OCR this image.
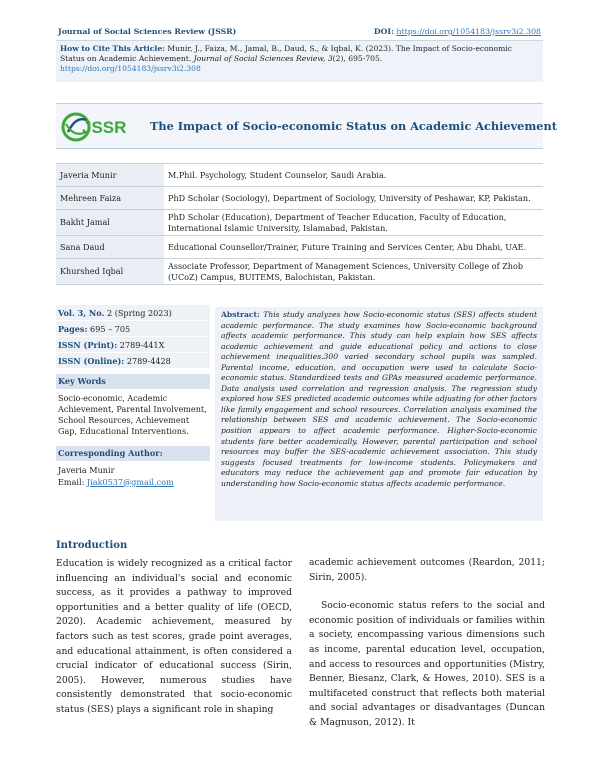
Journal of Social Sciences Review (JSSR)	DOI: https://doi.org/1054183/jssrv3i2.308
How to Cite This Article: Munir, J., Faiza, M., Jamal, B., Daud, S., & Iqbal, K. (2023). The Impact of Socio-economic Status on Academic Achievement. Journal of Social Sciences Review, 3(2), 695-705.
https://doi.org/1054183/jssrv3i2.308
JSSR The Impact of Socio-economic Status on Academic Achievement
Javeria Munir	M.Phil. Psychology, Student Counselor, Saudi Arabia.
Mehreen Faiza	PhD Scholar (Sociology), Department of Sociology, University of Peshawar, KP, Pakistan.
Bakht Jamal	PhD Scholar (Education), Department of Teacher Education, Faculty of Education, International Islamic University, Islamabad, Pakistan.
Sana Daud	Educational Counsellor/Trainer, Future Training and Services Center, Abu Dhabi, UAE.
Khurshed Iqbal	Associate Professor, Department of Management Sciences, University College of Zhob (UCoZ) Campus, BUITEMS, Balochistan, Pakistan.
Vol. 3, No. 2 (Spring 2023)
Pages: 695 – 705
ISSN (Print): 2789-441X
ISSN (Online): 2789-4428
Key Words
Socio-economic, Academic Achievement, Parental Involvement, School Resources, Achievement Gap, Educational Interventions.
Corresponding Author:
Javeria Munir
Email: Jiak0537@gmail.com
Abstract: This study analyzes how Socio-economic status (SES) affects student academic performance. The study examines how Socio-economic background affects academic performance. This study can help explain how SES affects academic achievement and guide educational policy and actions to close achievement inequalities.300 varied secondary school pupils was sampled. Parental income, education, and occupation were used to calculate Socio-economic status. Standardized tests and GPAs measured academic performance. Data analysis used correlation and regression analysis. The regression study explored how SES predicted academic outcomes while adjusting for other factors like family engagement and school resources. Correlation analysis examined the relationship between SES and academic achievement. The Socio-economic position appears to affect academic performance. Higher-Socio-economic students fare better academically. However, parental participation and school resources may buffer the SES-academic achievement association. This study suggests focused treatments for low-income students. Policymakers and educators may reduce the achievement gap and promote fair education by understanding how Socio-economic status affects academic performance.
Introduction
Education is widely recognized as a critical factor influencing an individual's social and economic success, as it provides a pathway to improved opportunities and a better quality of life (OECD, 2020). Academic achievement, measured by factors such as test scores, grade point averages, and educational attainment, is often considered a crucial indicator of educational success (Sirin, 2005). However, numerous studies have consistently demonstrated that socio-economic status (SES) plays a significant role in shaping

academic achievement outcomes (Reardon, 2011; Sirin, 2005).

Socio-economic status refers to the social and economic position of individuals or families within a society, encompassing various dimensions such as income, parental education level, occupation, and access to resources and opportunities (Mistry, Benner, Biesanz, Clark, & Howes, 2010). SES is a multifaceted construct that reflects both material and social advantages or disadvantages (Duncan & Magnuson, 2012). It
